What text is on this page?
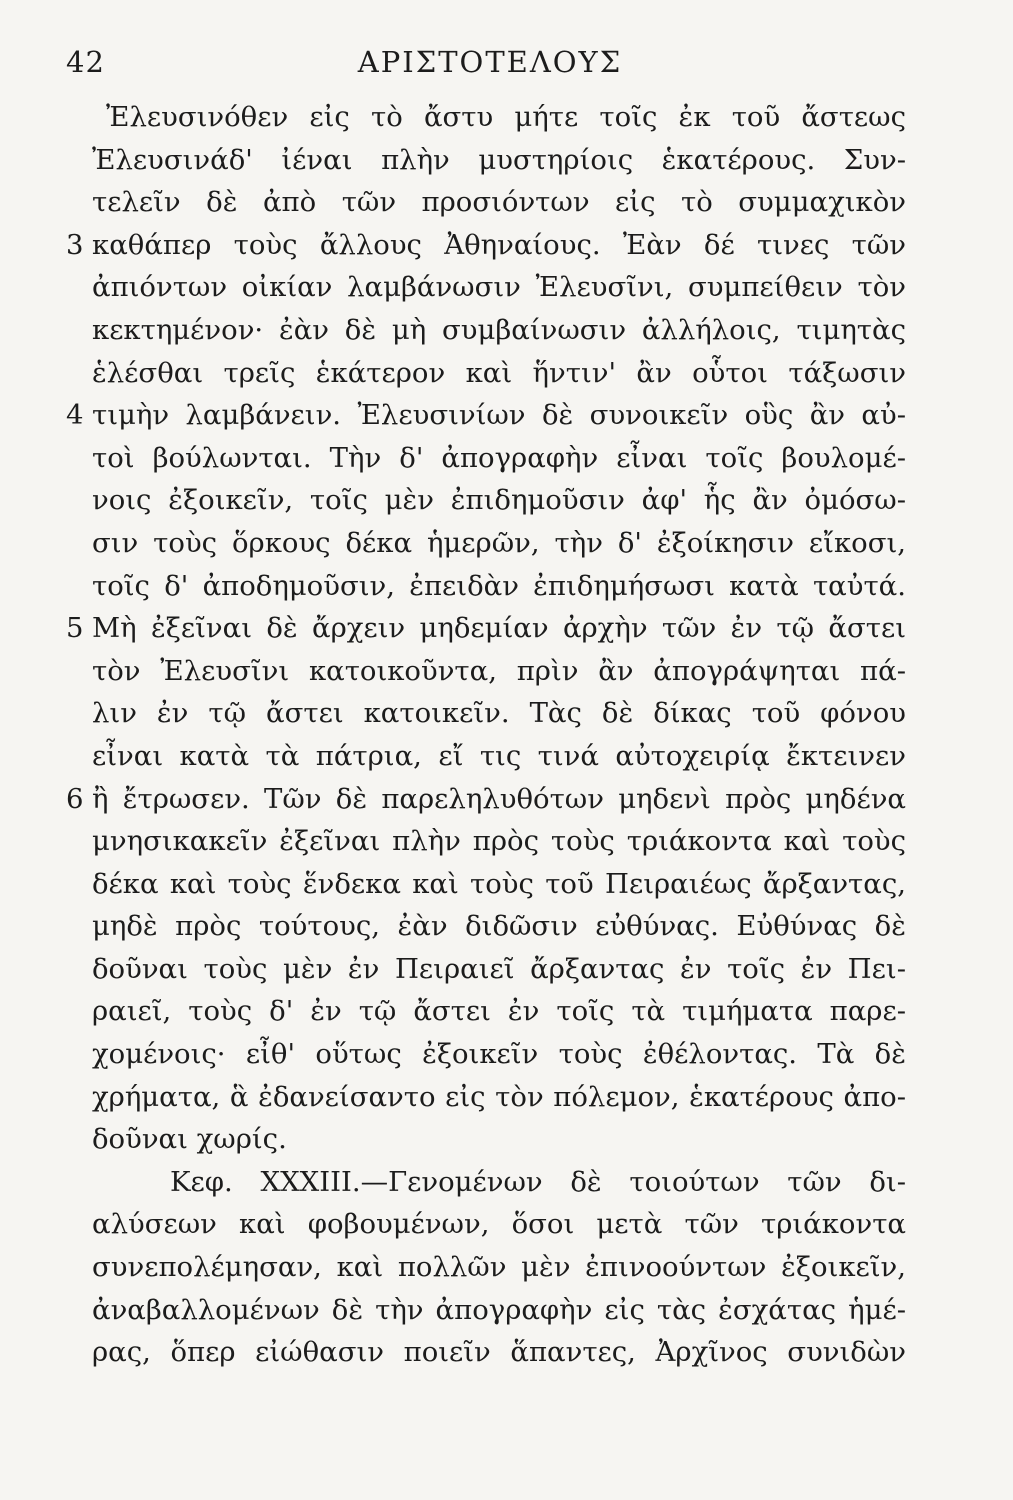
42	ΑΡΙΣΤΟΤΕΛΟΥΣ
Ἐλευσινόθεν εἰς τὸ ἄστυ μήτε τοῖς ἐκ τοῦ ἄστεως
Ἐλευσινάδ' ἰέναι πλὴν μυστηρίοις ἑκατέρους. Συν-
τελεῖν δὲ ἀπὸ τῶν προσιόντων εἰς τὸ συμμαχικὸν
3 καθάπερ τοὺς ἄλλους Ἀθηναίους. Ἐὰν δέ τινες τῶν
ἀπιόντων οἰκίαν λαμβάνωσιν Ἐλευσῖνι, συμπείθειν τὸν
κεκτημένον· ἐὰν δὲ μὴ συμβαίνωσιν ἀλλήλοις, τιμητὰς
ἑλέσθαι τρεῖς ἑκάτερον καὶ ἥντιν' ἂν οὗτοι τάξωσιν
4 τιμὴν λαμβάνειν. Ἐλευσινίων δὲ συνοικεῖν οὓς ἂν αὐ-
τοὶ βούλωνται. Τὴν δ' ἀπογραφὴν εἶναι τοῖς βουλομέ-
νοις ἐξοικεῖν, τοῖς μὲν ἐπιδημοῦσιν ἀφ' ἧς ἂν ὀμόσω-
σιν τοὺς ὅρκους δέκα ἡμερῶν, τὴν δ' ἐξοίκησιν εἴκοσι,
τοῖς δ' ἀποδημοῦσιν, ἐπειδὰν ἐπιδημήσωσι κατὰ ταὐτά.
5 Μὴ ἐξεῖναι δὲ ἄρχειν μηδεμίαν ἀρχὴν τῶν ἐν τῷ ἄστει
τὸν Ἐλευσῖνι κατοικοῦντα, πρὶν ἂν ἀπογράψηται πά-
λιν ἐν τῷ ἄστει κατοικεῖν. Τὰς δὲ δίκας τοῦ φόνου
εἶναι κατὰ τὰ πάτρια, εἴ τις τινά αὐτοχειρίᾳ ἔκτεινεν
6 ἢ ἔτρωσεν. Τῶν δὲ παρεληλυθότων μηδενὶ πρὸς μηδένα
μνησικακεῖν ἐξεῖναι πλὴν πρὸς τοὺς τριάκοντα καὶ τοὺς
δέκα καὶ τοὺς ἕνδεκα καὶ τοὺς τοῦ Πειραιέως ἄρξαντας,
μηδὲ πρὸς τούτους, ἐὰν διδῶσιν εὐθύνας. Εὐθύνας δὲ
δοῦναι τοὺς μὲν ἐν Πειραιεῖ ἄρξαντας ἐν τοῖς ἐν Πει-
ραιεῖ, τοὺς δ' ἐν τῷ ἄστει ἐν τοῖς τὰ τιμήματα παρε-
χομένοις· εἶθ' οὕτως ἐξοικεῖν τοὺς ἐθέλοντας. Τὰ δὲ
χρήματα, ἃ ἐδανείσαντο εἰς τὸν πόλεμον, ἑκατέρους ἀπο-
δοῦναι χωρίς.
Κεφ. XXXIII.—Γενομένων δὲ τοιούτων τῶν δι-
αλύσεων καὶ φοβουμένων, ὅσοι μετὰ τῶν τριάκοντα
συνεπολέμησαν, καὶ πολλῶν μὲν ἐπινοούντων ἐξοικεῖν,
ἀναβαλλομένων δὲ τὴν ἀπογραφὴν εἰς τὰς ἐσχάτας ἡμέ-
ρας, ὅπερ εἰώθασιν ποιεῖν ἅπαντες, Ἀρχῖνος συνιδὼν
